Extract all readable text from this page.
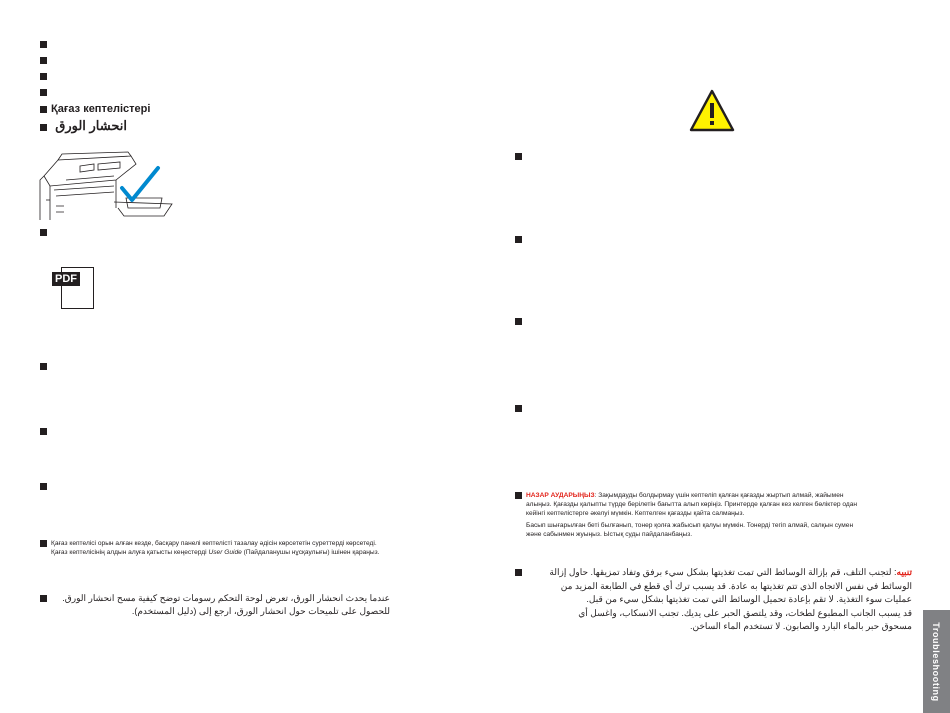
Қағаз кептелістері
انحشار الورق
PDF
Қағаз кептелісі орын алған кезде, басқару панелі кептелісті тазалау әдісін көрсететін суреттерді көрсетеді.
Қағаз кептелісінің алдын алуға қатысты кеңестерді User Guide (Пайдаланушы нұсқаулығы) ішінен қараңыз.
عندما يحدث انحشار الورق، تعرض لوحة التحكم رسومات توضح كيفية مسح انحشار الورق.
للحصول على تلميحات حول انحشار الورق، ارجع إلى (دليل المستخدم).
НАЗАР АУДАРЫҢЫЗ: Зақымдауды болдырмау үшін кептеліп қалған қағазды жыртып алмай, жайымен
алыңыз. Қағазды қалыпты түрде берілетін бағытта алып көріңіз. Принтерде қалған кез келген бөліктер одан
кейінгі кептелістерге әкелуі мүмкін. Кептелген қағазды қайта салмаңыз.
Басып шығарылған беті былғанып, тонер қолға жабысып қалуы мүмкін. Тонерді тегіп алмай, салқын сумен
және сабынмен жуыңыз. Ыстық суды пайдаланбаңыз.
تنبيه: لتجنب التلف، قم بإزالة الوسائط التي تمت تغذيتها بشكل سيء برفق وتفاد تمزيقها. حاول إزالة
الوسائط في نفس الاتجاه الذي تتم تغذيتها به عادة. قد يسبب ترك أي قطع في الطابعة المزيد من
عمليات سوء التغذية. لا تقم بإعادة تحميل الوسائط التي تمت تغذيتها بشكل سيء من قبل.
قد يسبب الجانب المطبوع لطخات، وقد يلتصق الحبر على يديك. تجنب الانسكاب، واغسل أي
مسحوق حبر بالماء البارد والصابون. لا تستخدم الماء الساخن. Troubleshooting
